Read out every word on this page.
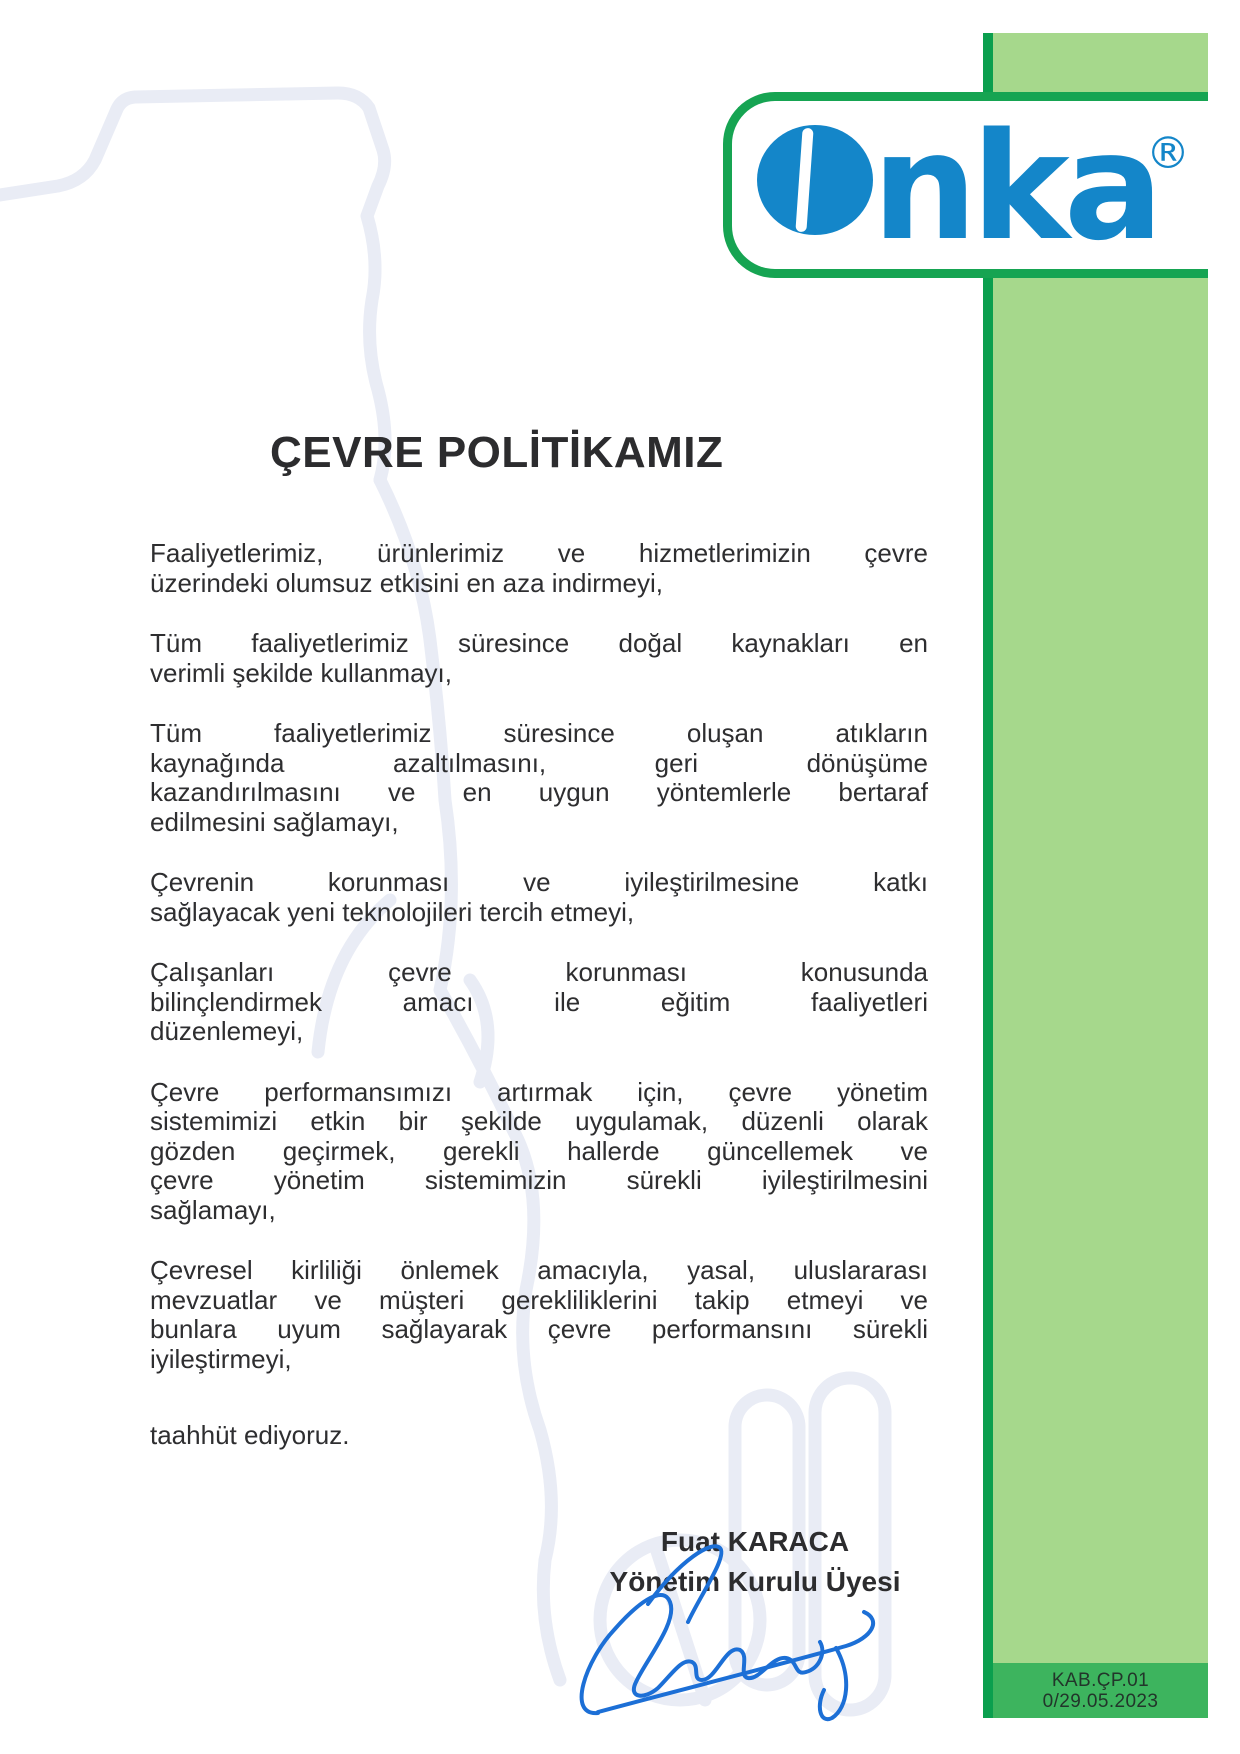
KAB.ÇP.01
0/29.05.2023
nka
®
ÇEVRE POLİTİKAMIZ
Faaliyetlerimiz, ürünlerimiz ve hizmetlerimizin çevre
üzerindeki olumsuz etkisini en aza indirmeyi,
Tüm faaliyetlerimiz süresince doğal kaynakları en
verimli şekilde kullanmayı,
Tüm faaliyetlerimiz süresince oluşan atıkların
kaynağında azaltılmasını, geri dönüşüme
kazandırılmasını ve en uygun yöntemlerle bertaraf
edilmesini sağlamayı,
Çevrenin korunması ve iyileştirilmesine katkı
sağlayacak yeni teknolojileri tercih etmeyi,
Çalışanları çevre korunması konusunda
bilinçlendirmek amacı ile eğitim faaliyetleri
düzenlemeyi,
Çevre performansımızı artırmak için, çevre yönetim
sistemimizi etkin bir şekilde uygulamak, düzenli olarak
gözden geçirmek, gerekli hallerde güncellemek ve
çevre yönetim sistemimizin sürekli iyileştirilmesini
sağlamayı,
Çevresel kirliliği önlemek amacıyla, yasal, uluslararası
mevzuatlar ve müşteri gerekliliklerini takip etmeyi ve
bunlara uyum sağlayarak çevre performansını sürekli
iyileştirmeyi,
taahhüt ediyoruz.
Fuat KARACA
Yönetim Kurulu Üyesi
